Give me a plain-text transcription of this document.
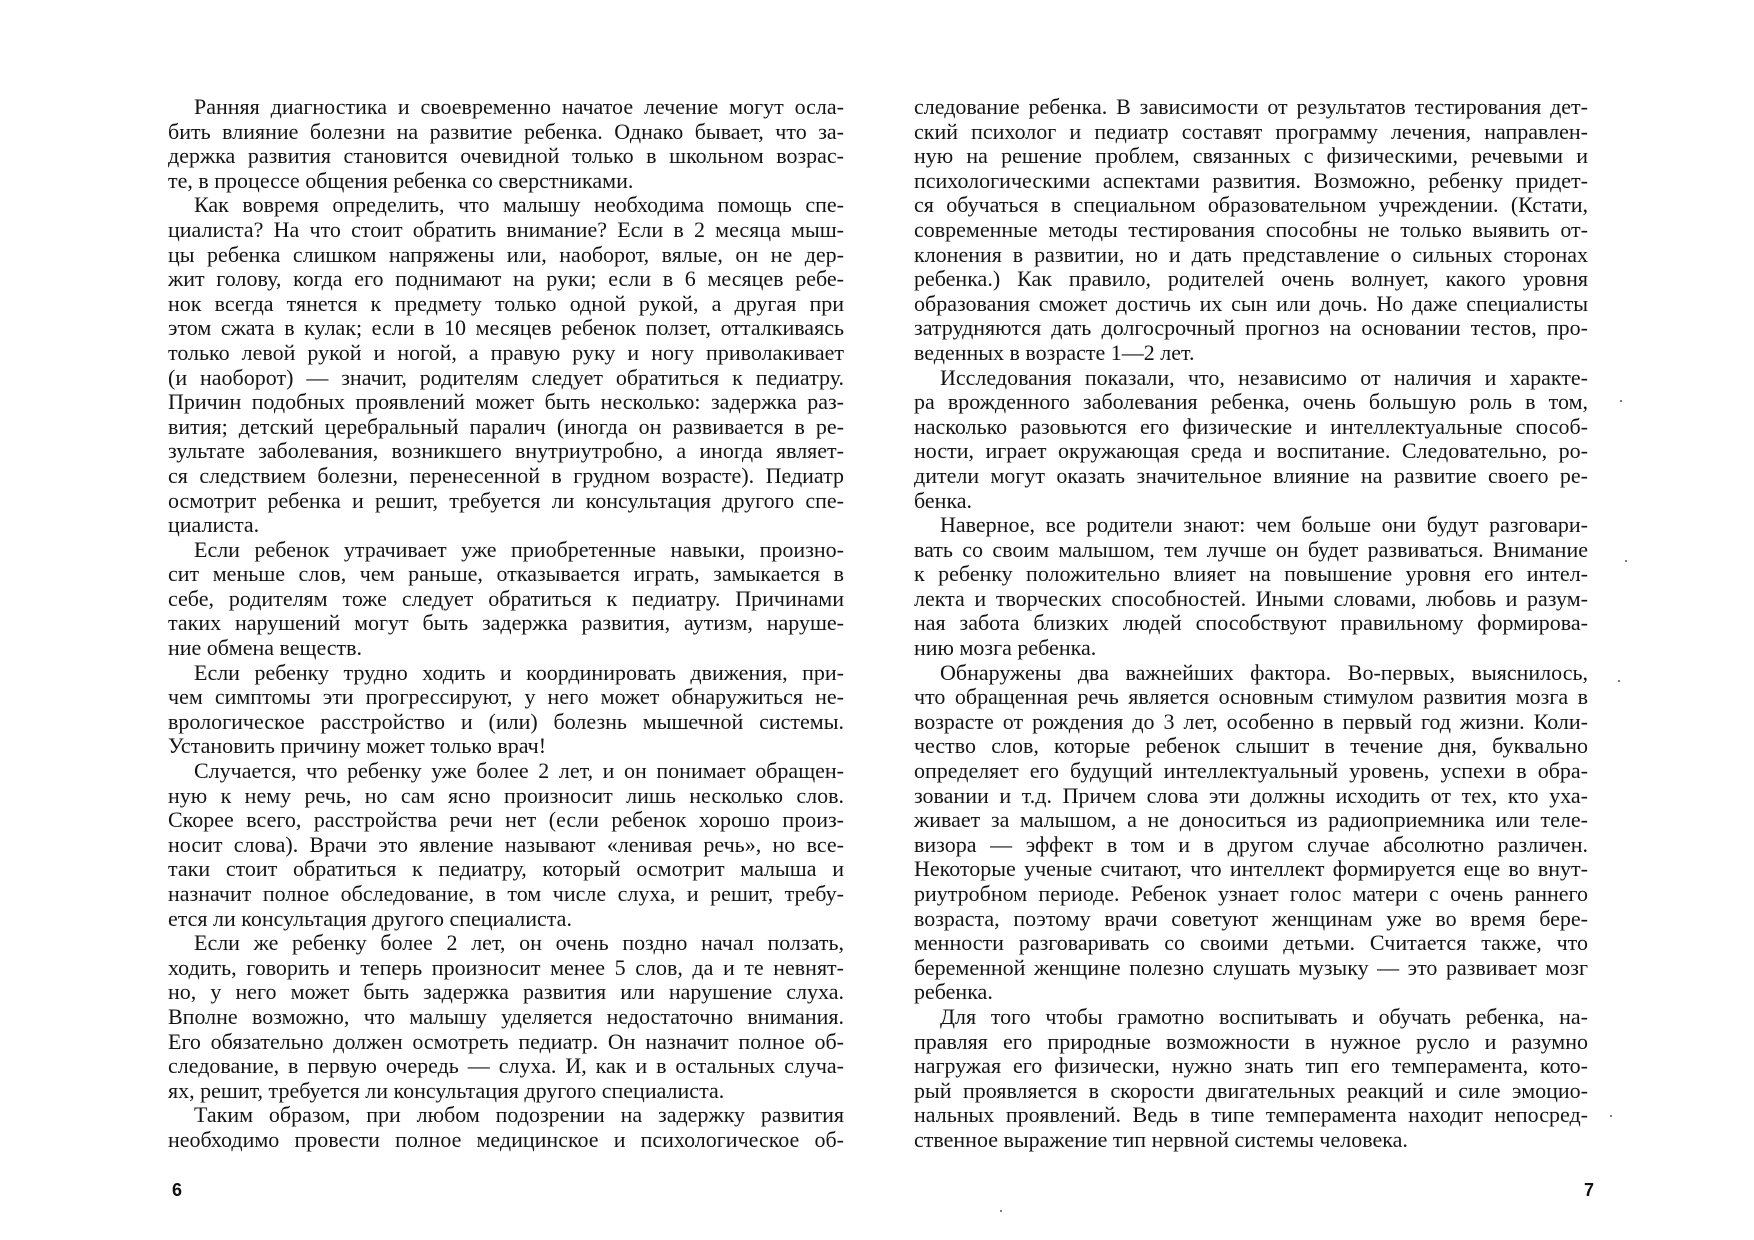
Ранняя диагностика и своевременно начатое лечение могут осла-
бить влияние болезни на развитие ребенка. Однако бывает, что за-
держка развития становится очевидной только в школьном возрас-
те, в процессе общения ребенка со сверстниками.
Как вовремя определить, что малышу необходима помощь спе-
циалиста? На что стоит обратить внимание? Если в 2 месяца мыш-
цы ребенка слишком напряжены или, наоборот, вялые, он не дер-
жит голову, когда его поднимают на руки; если в 6 месяцев ребе-
нок всегда тянется к предмету только одной рукой, а другая при
этом сжата в кулак; если в 10 месяцев ребенок ползет, отталкиваясь
только левой рукой и ногой, а правую руку и ногу приволакивает
(и наоборот) — значит, родителям следует обратиться к педиатру.
Причин подобных проявлений может быть несколько: задержка раз-
вития; детский церебральный паралич (иногда он развивается в ре-
зультате заболевания, возникшего внутриутробно, а иногда являет-
ся следствием болезни, перенесенной в грудном возрасте). Педиатр
осмотрит ребенка и решит, требуется ли консультация другого спе-
циалиста.
Если ребенок утрачивает уже приобретенные навыки, произно-
сит меньше слов, чем раньше, отказывается играть, замыкается в
себе, родителям тоже следует обратиться к педиатру. Причинами
таких нарушений могут быть задержка развития, аутизм, наруше-
ние обмена веществ.
Если ребенку трудно ходить и координировать движения, при-
чем симптомы эти прогрессируют, у него может обнаружиться не-
врологическое расстройство и (или) болезнь мышечной системы.
Установить причину может только врач!
Случается, что ребенку уже более 2 лет, и он понимает обращен-
ную к нему речь, но сам ясно произносит лишь несколько слов.
Скорее всего, расстройства речи нет (если ребенок хорошо произ-
носит слова). Врачи это явление называют «ленивая речь», но все-
таки стоит обратиться к педиатру, который осмотрит малыша и
назначит полное обследование, в том числе слуха, и решит, требу-
ется ли консультация другого специалиста.
Если же ребенку более 2 лет, он очень поздно начал ползать,
ходить, говорить и теперь произносит менее 5 слов, да и те невнят-
но, у него может быть задержка развития или нарушение слуха.
Вполне возможно, что малышу уделяется недостаточно внимания.
Его обязательно должен осмотреть педиатр. Он назначит полное об-
следование, в первую очередь — слуха. И, как и в остальных случа-
ях, решит, требуется ли консультация другого специалиста.
Таким образом, при любом подозрении на задержку развития
необходимо провести полное медицинское и психологическое об-
следование ребенка. В зависимости от результатов тестирования дет-
ский психолог и педиатр составят программу лечения, направлен-
ную на решение проблем, связанных с физическими, речевыми и
психологическими аспектами развития. Возможно, ребенку придет-
ся обучаться в специальном образовательном учреждении. (Кстати,
современные методы тестирования способны не только выявить от-
клонения в развитии, но и дать представление о сильных сторонах
ребенка.) Как правило, родителей очень волнует, какого уровня
образования сможет достичь их сын или дочь. Но даже специалисты
затрудняются дать долгосрочный прогноз на основании тестов, про-
веденных в возрасте 1—2 лет.
Исследования показали, что, независимо от наличия и характе-
ра врожденного заболевания ребенка, очень большую роль в том,
насколько разовьются его физические и интеллектуальные способ-
ности, играет окружающая среда и воспитание. Следовательно, ро-
дители могут оказать значительное влияние на развитие своего ре-
бенка.
Наверное, все родители знают: чем больше они будут разговари-
вать со своим малышом, тем лучше он будет развиваться. Внимание
к ребенку положительно влияет на повышение уровня его интел-
лекта и творческих способностей. Иными словами, любовь и разум-
ная забота близких людей способствуют правильному формирова-
нию мозга ребенка.
Обнаружены два важнейших фактора. Во-первых, выяснилось,
что обращенная речь является основным стимулом развития мозга в
возрасте от рождения до 3 лет, особенно в первый год жизни. Коли-
чество слов, которые ребенок слышит в течение дня, буквально
определяет его будущий интеллектуальный уровень, успехи в обра-
зовании и т.д. Причем слова эти должны исходить от тех, кто уха-
живает за малышом, а не доноситься из радиоприемника или теле-
визора — эффект в том и в другом случае абсолютно различен.
Некоторые ученые считают, что интеллект формируется еще во внут-
риутробном периоде. Ребенок узнает голос матери с очень раннего
возраста, поэтому врачи советуют женщинам уже во время бере-
менности разговаривать со своими детьми. Считается также, что
беременной женщине полезно слушать музыку — это развивает мозг
ребенка.
Для того чтобы грамотно воспитывать и обучать ребенка, на-
правляя его природные возможности в нужное русло и разумно
нагружая его физически, нужно знать тип его темперамента, кото-
рый проявляется в скорости двигательных реакций и силе эмоцио-
нальных проявлений. Ведь в типе темперамента находит непосред-
ственное выражение тип нервной системы человека.
6	7
